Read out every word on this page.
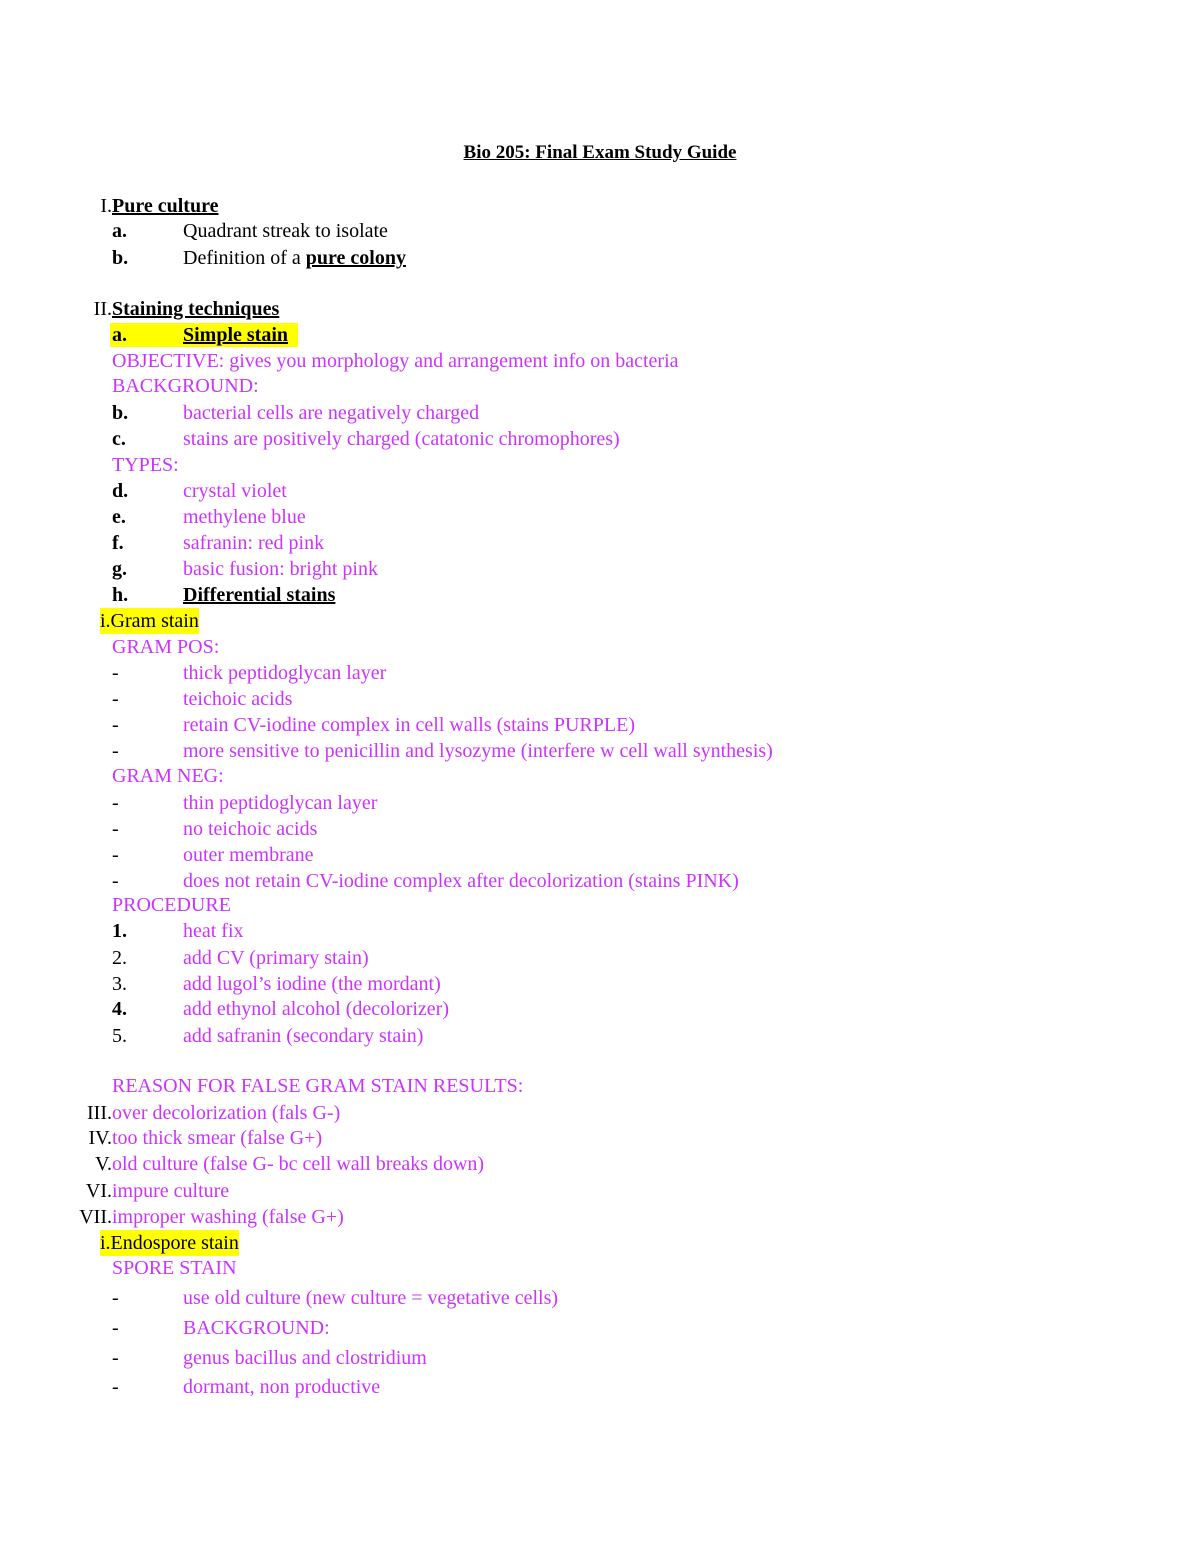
Bio 205: Final Exam Study Guide
I. Pure culture
a.	Quadrant streak to isolate
b.	Definition of a pure colony
II. Staining techniques
a.	Simple stain
OBJECTIVE: gives you morphology and arrangement info on bacteria
BACKGROUND:
b.	bacterial cells are negatively charged
c.	stains are positively charged (catatonic chromophores)
TYPES:
d.	crystal violet
e.	methylene blue
f.	safranin: red pink
g.	basic fusion: bright pink
h.	Differential stains
i.Gram stain
GRAM POS:
-	thick peptidoglycan layer
-	teichoic acids
-	retain CV-iodine complex in cell walls (stains PURPLE)
-	more sensitive to penicillin and lysozyme (interfere w cell wall synthesis)
GRAM NEG:
-	thin peptidoglycan layer
-	no teichoic acids
-	outer membrane
-	does not retain CV-iodine complex after decolorization (stains PINK)
PROCEDURE
1.	heat fix
2.	add CV (primary stain)
3.	add lugol’s iodine (the mordant)
4.	add ethynol alcohol (decolorizer)
5.	add safranin (secondary stain)
REASON FOR FALSE GRAM STAIN RESULTS:
III. over decolorization (fals G-)
IV. too thick smear (false G+)
V. old culture (false G- bc cell wall breaks down)
VI. impure culture
VII. improper washing (false G+)
i.Endospore stain
SPORE STAIN
-	use old culture (new culture = vegetative cells)
-	BACKGROUND:
-	genus bacillus and clostridium
-	dormant, non productive
